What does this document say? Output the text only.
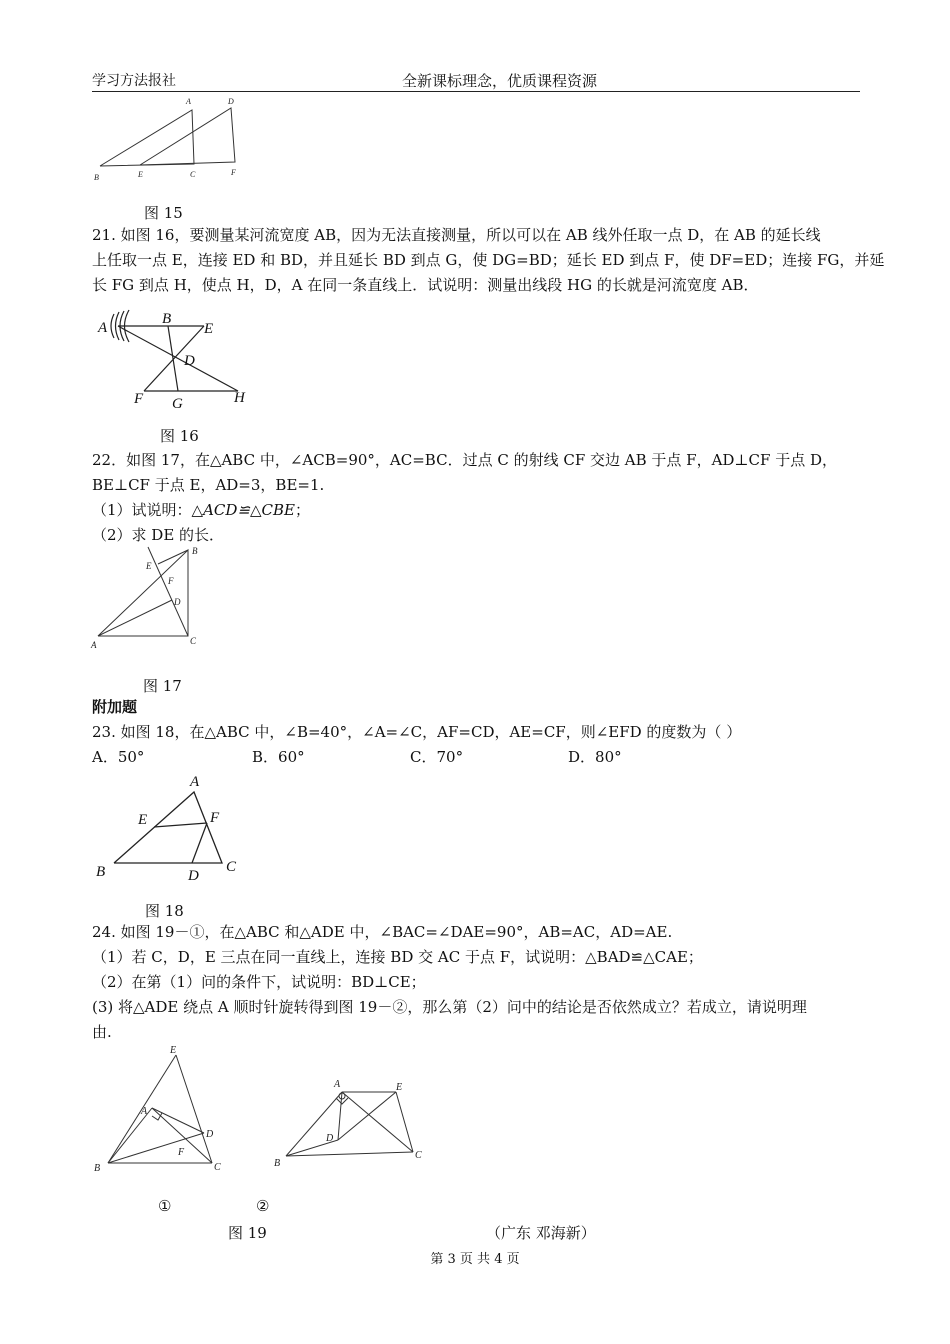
学习方法报社	全新课标理念，优质课程资源
A	D
B	E	C	F
图 15
21. 如图 16，要测量某河流宽度 AB，因为无法直接测量，所以可以在 AB 线外任取一点 D，在 AB 的延长线
上任取一点 E，连接 ED 和 BD，并且延长 BD 到点 G，使 DG=BD；延长 ED 到点 F，使 DF=ED；连接 FG，并延
长 FG 到点 H，使点 H，D，A 在同一条直线上．试说明：测量出线段 HG 的长就是河流宽度 AB．
A
B
E
D
F G	H
图 16
22．如图 17，在△ABC 中，∠ACB=90°，AC=BC．过点 C 的射线 CF 交边 AB 于点 F，AD⊥CF 于点 D，
BE⊥CF 于点 E，AD=3，BE=1.
（1）试说明：△ACD≌△CBE；
（2）求 DE 的长．
B
E
F
D
A	C
图 17
附加题
23. 如图 18，在△ABC 中，∠B=40°，∠A=∠C，AF=CD，AE=CF，则∠EFD 的度数为（ ）
A．50°	B．60°	C．70°	D．80°
A
E	F
B	D
C
图 18
24. 如图 19－①，在△ABC 和△ADE 中，∠BAC=∠DAE=90°，AB=AC，AD=AE.
（1）若 C，D，E 三点在同一直线上，连接 BD 交 AC 于点 F，试说明：△BAD≌△CAE；
（2）在第（1）问的条件下，试说明：BD⊥CE；
(3) 将△ADE 绕点 A 顺时针旋转得到图 19－②，那么第（2）问中的结论是否依然成立？若成立，请说明理
由.
E
A
D
F
B	C
A	E
D
B
C
①	②
图 19	（广东 邓海新）
第 3 页 共 4 页
